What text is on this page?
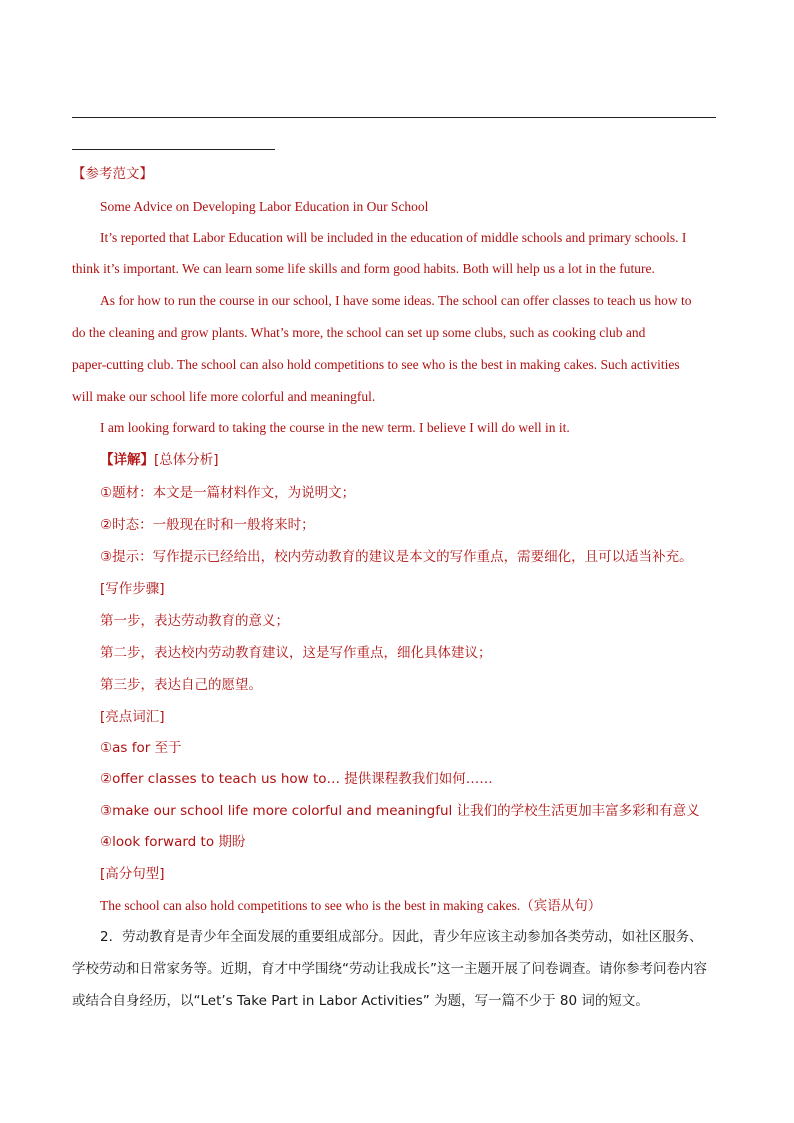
【参考范文】
Some Advice on Developing Labor Education in Our School
It’s reported that Labor Education will be included in the education of middle schools and primary schools. I
think it’s important. We can learn some life skills and form good habits. Both will help us a lot in the future.
As for how to run the course in our school, I have some ideas. The school can offer classes to teach us how to
do the cleaning and grow plants. What’s more, the school can set up some clubs, such as cooking club and
paper-cutting club. The school can also hold competitions to see who is the best in making cakes. Such activities
will make our school life more colorful and meaningful.
I am looking forward to taking the course in the new term. I believe I will do well in it.
【详解】[总体分析]
①题材：本文是一篇材料作文，为说明文；
②时态：一般现在时和一般将来时；
③提示：写作提示已经给出，校内劳动教育的建议是本文的写作重点，需要细化，且可以适当补充。
[写作步骤]
第一步，表达劳动教育的意义；
第二步，表达校内劳动教育建议，这是写作重点，细化具体建议；
第三步，表达自己的愿望。
[亮点词汇]
①as for 至于
②offer classes to teach us how to… 提供课程教我们如何……
③make our school life more colorful and meaningful 让我们的学校生活更加丰富多彩和有意义
④look forward to 期盼
[高分句型]
The school can also hold competitions to see who is the best in making cakes.（宾语从句）
2．劳动教育是青少年全面发展的重要组成部分。因此，青少年应该主动参加各类劳动，如社区服务、
学校劳动和日常家务等。近期，育才中学围绕“劳动让我成长”这一主题开展了问卷调查。请你参考问卷内容
或结合自身经历，以“Let’s Take Part in Labor Activities” 为题，写一篇不少于 80 词的短文。
